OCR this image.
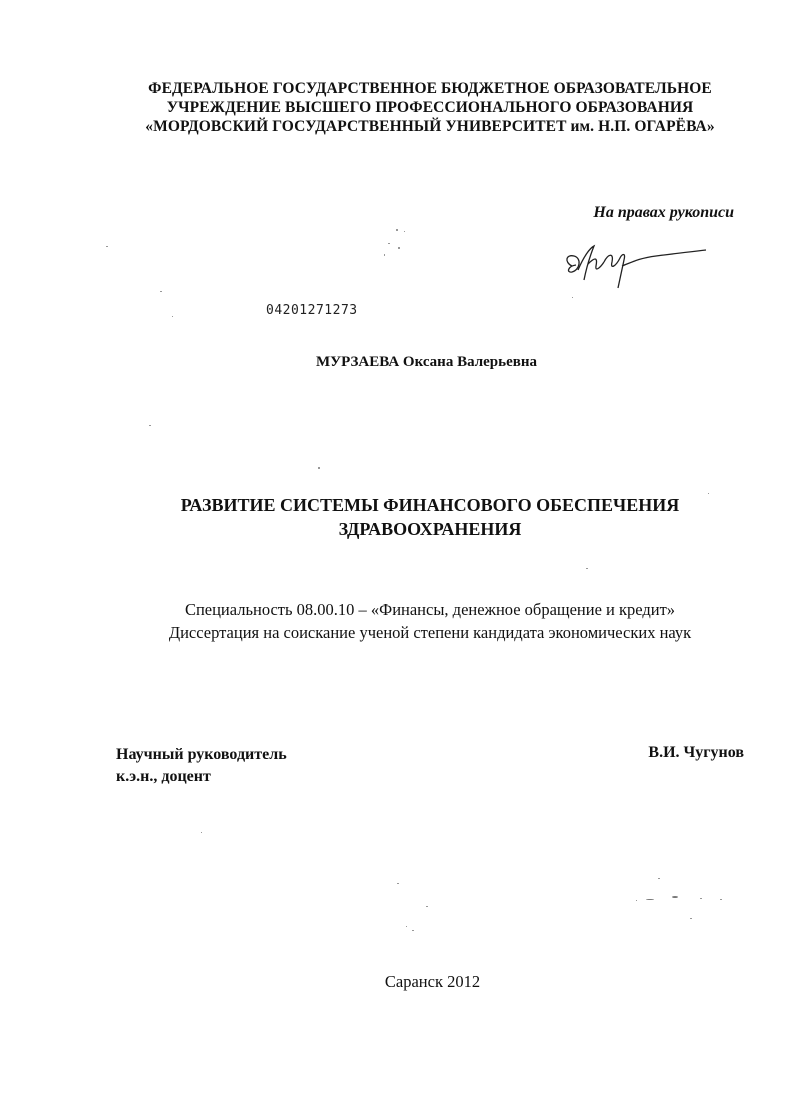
ФЕДЕРАЛЬНОЕ ГОСУДАРСТВЕННОЕ БЮДЖЕТНОЕ ОБРАЗОВАТЕЛЬНОЕ
УЧРЕЖДЕНИЕ ВЫСШЕГО ПРОФЕССИОНАЛЬНОГО ОБРАЗОВАНИЯ
«МОРДОВСКИЙ ГОСУДАРСТВЕННЫЙ УНИВЕРСИТЕТ им. Н.П. ОГАРЁВА»
На правах рукописи
04201271273
МУРЗАЕВА Оксана Валерьевна
РАЗВИТИЕ СИСТЕМЫ ФИНАНСОВОГО ОБЕСПЕЧЕНИЯ
ЗДРАВООХРАНЕНИЯ
Специальность 08.00.10 – «Финансы, денежное обращение и кредит»
Диссертация на соискание ученой степени кандидата экономических наук
Научный руководитель
к.э.н., доцент
В.И. Чугунов
Саранск 2012
